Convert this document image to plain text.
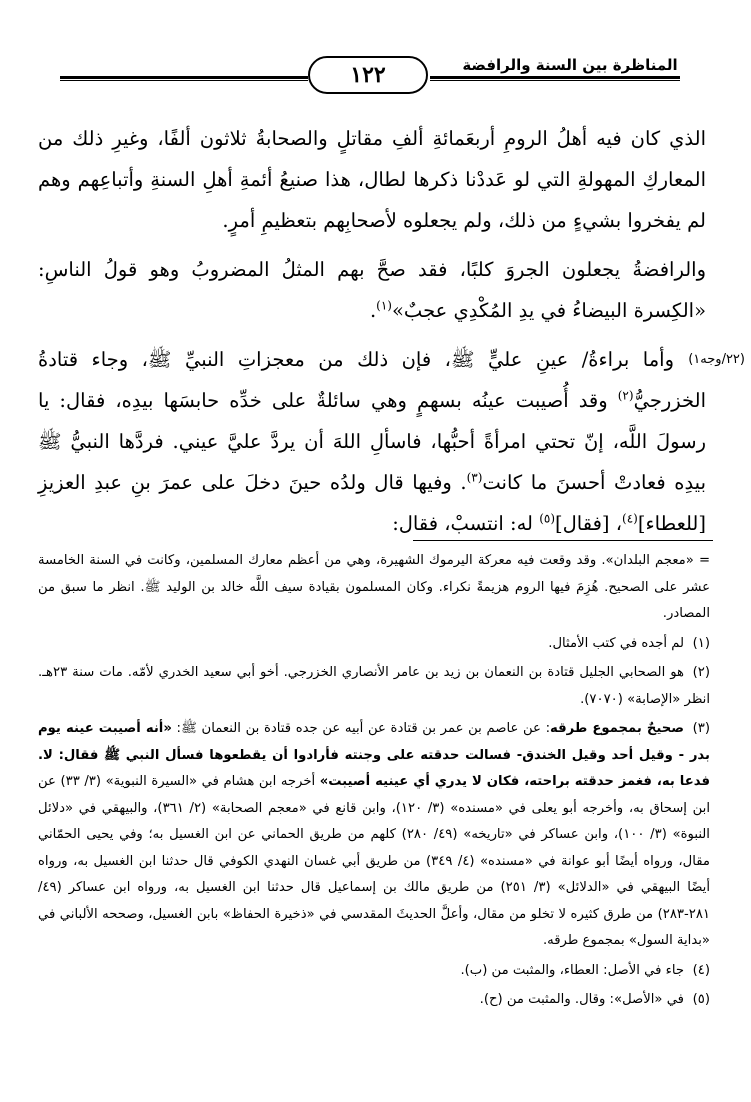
١٢٢	المناظرة بين السنة والرافضة
(٢٢/وجه١)

الذي كان فيه أهلُ الرومِ أربعَمائةِ ألفِ مقاتلٍ والصحابةُ ثلاثون ألفًا، وغيرِ ذلك من المعاركِ المهولةِ التي لو عَددْنا ذكرها لطال، هذا صنيعُ أئمةِ أهلِ السنةِ وأتباعِهم وهم لم يفخروا بشيءٍ من ذلك، ولم يجعلوه لأصحابِهم بتعظيمِ أمرٍ.

والرافضةُ يجعلون الجروَ كلبًا، فقد صحَّ بهم المثلُ المضروبُ وهو قولُ الناسِ: «الكِسرة البيضاءُ في يدِ المُكْدِي عجبٌ»$^{(١)}$.

وأما براءةُ/ عينِ عليٍّ ﷺ، فإن ذلك من معجزاتِ النبيِّ ﷺ، وجاء قتادةُ الخزرجيُّ$^{(٢)}$ وقد أُصيبت عينُه بسهمٍ وهي سائلةٌ على خدِّه حابسَها بيدِه، فقال: يا رسولَ اللَّه، إنّ تحتي امرأةً أحبُّها، فاسألِ اللهَ أن يردَّ عليَّ عيني. فردَّها النبيُّ ﷺ بيدِه فعادتْ أحسنَ ما كانت$^{(٣)}$. وفيها قال ولدُه حينَ دخلَ على عمرَ بنِ عبدِ العزيزِ [للعطاء]$^{(٤)}$، [فقال]$^{(٥)}$ له: انتسبْ، فقال:

= «معجم البلدان». وقد وقعت فيه معركة اليرموك الشهيرة، وهي من أعظم معارك المسلمين، وكانت في السنة الخامسة عشر على الصحيح. هُزِمَ فيها الروم هزيمةً نكراء. وكان المسلمون بقيادة سيف اللَّه خالد بن الوليد ﷺ. انظر ما سبق من المصادر.

(١)لم أجده في كتب الأمثال.

(٢)هو الصحابي الجليل قتادة بن النعمان بن زيد بن عامر الأنصاري الخزرجي. أخو أبي سعيد الخدري لأمّه. مات سنة ٢٣هـ. انظر «الإصابة» (٧٠٧٠).

(٣)صحيحٌ بمجموع طرقه: عن عاصم بن عمر بن قتادة عن أبيه عن جده قتادة بن النعمان ﷺ: «أنه أصيبت عينه يوم بدر - وقيل أحد وقيل الخندق- فسالت حدقته على وجنته فأرادوا أن يقطعوها فسأل النبي ﷺ فقال: لا. فدعا به، فغمز حدقته براحته، فكان لا يدري أي عينيه أصيبت» أخرجه ابن هشام في «السيرة النبوية» (٣/ ٣٣) عن ابن إسحاق به، وأخرجه أبو يعلى في «مسنده» (٣/ ١٢٠)، وابن قانع في «معجم الصحابة» (٢/ ٣٦١)، والبيهقي في «دلائل النبوة» (٣/ ١٠٠)، وابن عساكر في «تاريخه» (٤٩/ ٢٨٠) كلهم من طريق الحماني عن ابن الغسيل به؛ وفي يحيى الحمّاني مقال، ورواه أيضًا أبو عوانة في «مسنده» (٤/ ٣٤٩) من طريق أبي غسان النهدي الكوفي قال حدثنا ابن الغسيل به، ورواه أيضًا البيهقي في «الدلائل» (٣/ ٢٥١) من طريق مالك بن إسماعيل قال حدثنا ابن الغسيل به، ورواه ابن عساكر (٤٩/ ٢٨١-٢٨٣) من طرق كثيره لا تخلو من مقال، وأعلَّ الحديثَ المقدسي في «ذخيرة الحفاظ» بابن الغسيل، وصححه الألباني في «بداية السول» بمجموع طرقه.

(٤)جاء في الأصل: العطاء، والمثبت من (ب).

(٥)في «الأصل»: وقال. والمثبت من (ح).
